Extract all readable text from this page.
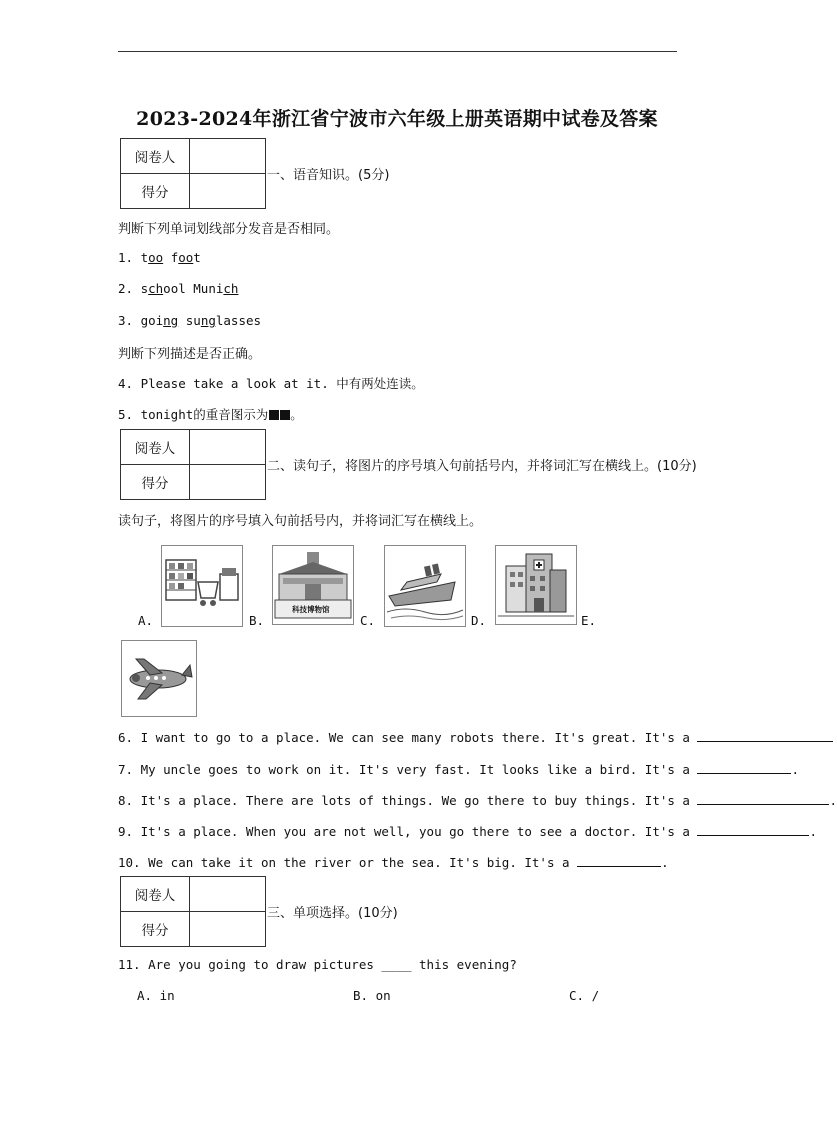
2023-2024年浙江省宁波市六年级上册英语期中试卷及答案
阅卷人	
得分	
一、语音知识。(5分)
判断下列单词划线部分发音是否相同。
1. too foot
2. school Munich
3. going sunglasses
判断下列描述是否正确。
4. Please take a look at it. 中有两处连读。
5. tonight的重音图示为 。
阅卷人	
得分	
二、读句子，将图片的序号填入句前括号内，并将词汇写在横线上。(10分)
读句子，将图片的序号填入句前括号内，并将词汇写在横线上。
A.
科技博物馆
B.	C.	D.
6. I want to go to a place. We can see many robots there. It's great. It's a
7. My uncle goes to work on it. It's very fast. It looks like a bird. It's a	.
8. It's a place. There are lots of things. We go there to buy things. It's a	.
9. It's a place. When you are not well, you go there to see a doctor. It's a	.
10. We can take it on the river or the sea. It's big. It's a	.
阅卷人	
得分	
三、单项选择。(10分)
11. Are you going to draw pictures ____ this evening?
A. in	B. on	C. /
E.
